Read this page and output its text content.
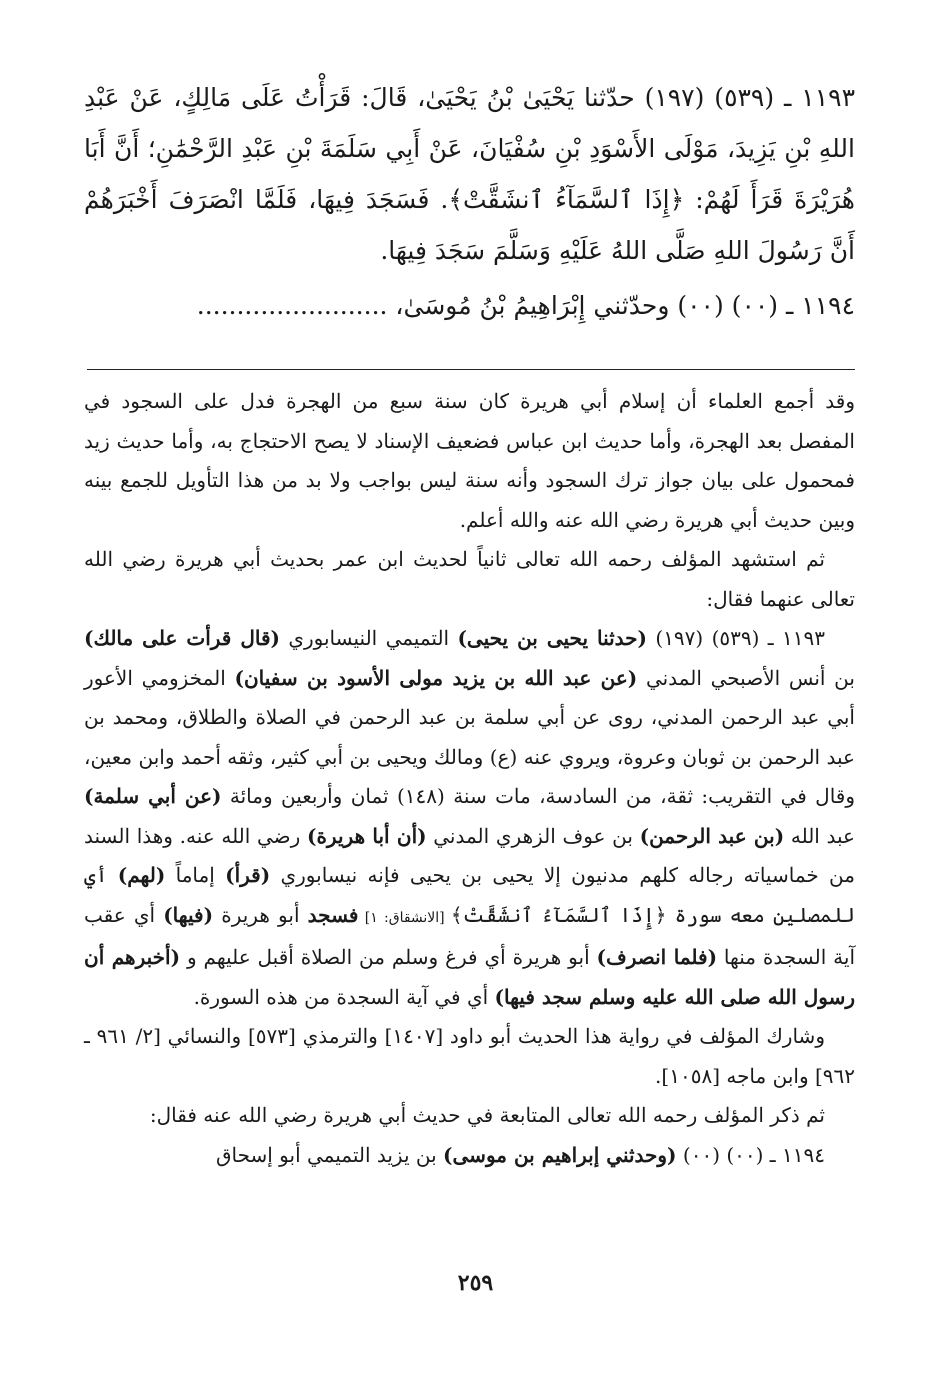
١١٩٣ ـ (٥٣٩) (١٩٧) حدّثنا يَحْيَىٰ بْنُ يَحْيَىٰ، قَالَ: قَرَأْتُ عَلَى مَالِكٍ، عَنْ عَبْدِ اللهِ بْنِ يَزِيدَ، مَوْلَى الأَسْوَدِ بْنِ سُفْيَانَ، عَنْ أَبِي سَلَمَةَ بْنِ عَبْدِ الرَّحْمَٰنِ؛ أَنَّ أَبَا هُرَيْرَةَ قَرَأَ لَهُمْ: ﴿إِذَا ٱلسَّمَآءُ ٱنشَقَّتْ﴾. فَسَجَدَ فِيهَا، فَلَمَّا انْصَرَفَ أَخْبَرَهُمْ أَنَّ رَسُولَ اللهِ صَلَّى اللهُ عَلَيْهِ وَسَلَّمَ سَجَدَ فِيهَا.

١١٩٤ ـ (٠٠) (٠٠) وحدّثني إِبْرَاهِيمُ بْنُ مُوسَىٰ، ........................

وقد أجمع العلماء أن إسلام أبي هريرة كان سنة سبع من الهجرة فدل على السجود في المفصل بعد الهجرة، وأما حديث ابن عباس فضعيف الإسناد لا يصح الاحتجاج به، وأما حديث زيد فمحمول على بيان جواز ترك السجود وأنه سنة ليس بواجب ولا بد من هذا التأويل للجمع بينه وبين حديث أبي هريرة رضي الله عنه والله أعلم.

ثم استشهد المؤلف رحمه الله تعالى ثانياً لحديث ابن عمر بحديث أبي هريرة رضي الله تعالى عنهما فقال:

١١٩٣ ـ (٥٣٩) (١٩٧) (حدثنا يحيى بن يحيى) التميمي النيسابوري (قال قرأت على مالك) بن أنس الأصبحي المدني (عن عبد الله بن يزيد مولى الأسود بن سفيان) المخزومي الأعور أبي عبد الرحمن المدني، روى عن أبي سلمة بن عبد الرحمن في الصلاة والطلاق، ومحمد بن عبد الرحمن بن ثوبان وعروة، ويروي عنه (ع) ومالك ويحيى بن أبي كثير، وثقه أحمد وابن معين، وقال في التقريب: ثقة، من السادسة، مات سنة (١٤٨) ثمان وأربعين ومائة (عن أبي سلمة) عبد الله (بن عبد الرحمن) بن عوف الزهري المدني (أن أبا هريرة) رضي الله عنه. وهذا السند من خماسياته رجاله كلهم مدنيون إلا يحيى بن يحيى فإنه نيسابوري (قرأ) إماماً (لهم) أي للمصلين معه سورة ﴿إِذَا ٱلسَّمَآءُ ٱنشَقَّتْ﴾ [الانشقاق: ١] فسجد أبو هريرة (فيها) أي عقب آية السجدة منها (فلما انصرف) أبو هريرة أي فرغ وسلم من الصلاة أقبل عليهم و (أخبرهم أن رسول الله صلى الله عليه وسلم سجد فيها) أي في آية السجدة من هذه السورة.

وشارك المؤلف في رواية هذا الحديث أبو داود [١٤٠٧] والترمذي [٥٧٣] والنسائي [٢/ ٩٦١ ـ ٩٦٢] وابن ماجه [١٠٥٨].

ثم ذكر المؤلف رحمه الله تعالى المتابعة في حديث أبي هريرة رضي الله عنه فقال:

١١٩٤ ـ (٠٠) (٠٠) (وحدثني إبراهيم بن موسى) بن يزيد التميمي أبو إسحاق

٢٥٩
